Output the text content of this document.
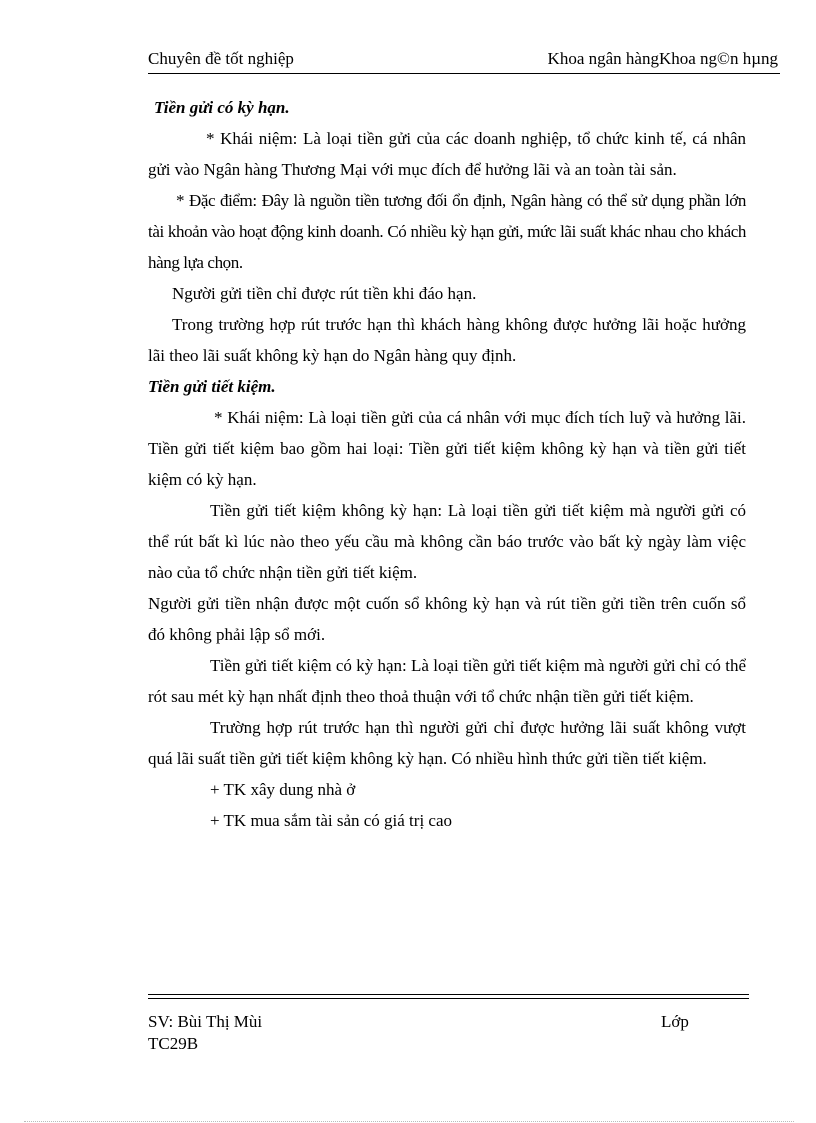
Chuyên đề tốt nghiệp	Khoa ngân hàngKhoa ng©n hµng

Tiền gửi có kỳ hạn.

* Khái niệm: Là loại tiền gửi của các doanh nghiệp, tổ chức kinh tế, cá nhân gửi vào Ngân hàng Thương Mại với mục đích để hưởng lãi và an toàn tài sản.

* Đặc điểm: Đây là nguồn tiền tương đối ổn định, Ngân hàng có thể sử dụng phần lớn tài khoản vào hoạt động kinh doanh. Có nhiều kỳ hạn gửi, mức lãi suất khác nhau cho khách hàng lựa chọn.

Người gửi tiền chỉ được rút tiền khi đáo hạn.

Trong trường hợp rút trước hạn thì khách hàng không được hưởng lãi hoặc hưởng lãi theo lãi suất không kỳ hạn do Ngân hàng quy định.

Tiền gửi tiết kiệm.

* Khái niệm: Là loại tiền gửi của cá nhân với mục đích tích luỹ và hưởng lãi. Tiền gửi tiết kiệm bao gồm hai loại: Tiền gửi tiết kiệm không kỳ hạn và tiền gửi tiết kiệm có kỳ hạn.

Tiền gửi tiết kiệm không kỳ hạn: Là loại tiền gửi tiết kiệm mà người gửi có thể rút bất kì lúc nào theo yếu cầu mà không cần báo trước vào bất kỳ ngày làm việc nào của tổ chức nhận tiền gửi tiết kiệm.

Người gửi tiền nhận được một cuốn sổ không kỳ hạn và rút tiền gửi tiền trên cuốn sổ đó không phải lập sổ mới.

Tiền gửi tiết kiệm có kỳ hạn: Là loại tiền gửi tiết kiệm mà người gửi chỉ có thể rót sau mét kỳ hạn nhất định theo thoả thuận với tổ chức nhận tiền gửi tiết kiệm.

Trường hợp rút trước hạn thì người gửi chỉ được hưởng lãi suất không vượt quá lãi suất tiền gửi tiết kiệm không kỳ hạn. Có nhiều hình thức gửi tiền tiết kiệm.

+ TK xây dung nhà ở

+ TK mua sắm tài sản có giá trị cao

SV: Bùi Thị Mùi	Lớp
TC29B
